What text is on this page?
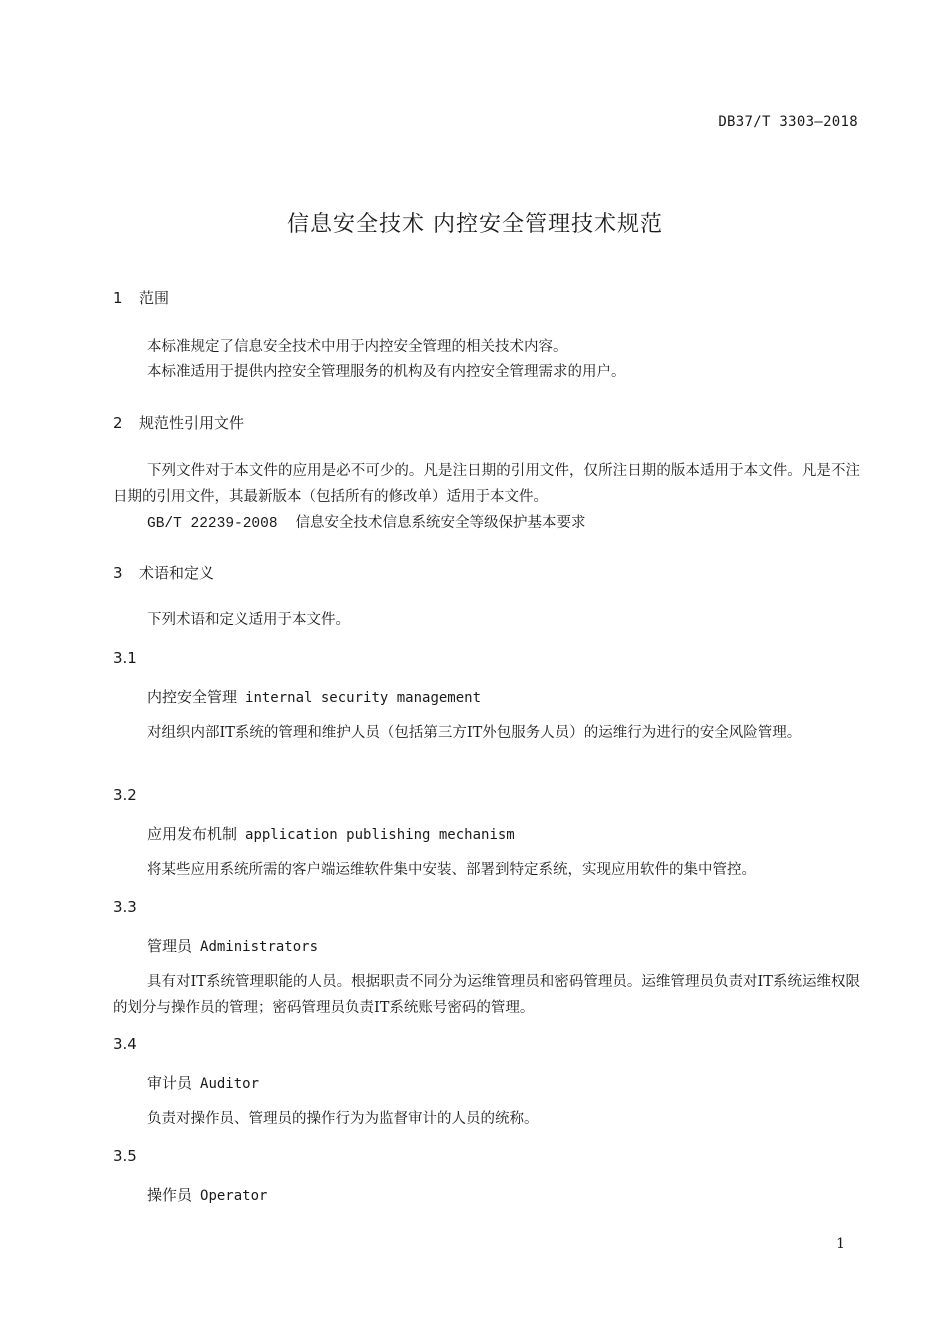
DB37/T 3303—2018
信息安全技术 内控安全管理技术规范
1 范围
本标准规定了信息安全技术中用于内控安全管理的相关技术内容。
本标准适用于提供内控安全管理服务的机构及有内控安全管理需求的用户。
2 规范性引用文件
下列文件对于本文件的应用是必不可少的。凡是注日期的引用文件，仅所注日期的版本适用于本文件。凡是不注日期的引用文件，其最新版本（包括所有的修改单）适用于本文件。
GB/T 22239-2008 信息安全技术信息系统安全等级保护基本要求
3 术语和定义
下列术语和定义适用于本文件。
3.1
内控安全管理 internal security management
对组织内部IT系统的管理和维护人员（包括第三方IT外包服务人员）的运维行为进行的安全风险管理。
3.2
应用发布机制 application publishing mechanism
将某些应用系统所需的客户端运维软件集中安装、部署到特定系统，实现应用软件的集中管控。
3.3
管理员 Administrators
具有对IT系统管理职能的人员。根据职责不同分为运维管理员和密码管理员。运维管理员负责对IT系统运维权限的划分与操作员的管理；密码管理员负责IT系统账号密码的管理。
3.4
审计员 Auditor
负责对操作员、管理员的操作行为为监督审计的人员的统称。
3.5
操作员 Operator
1
